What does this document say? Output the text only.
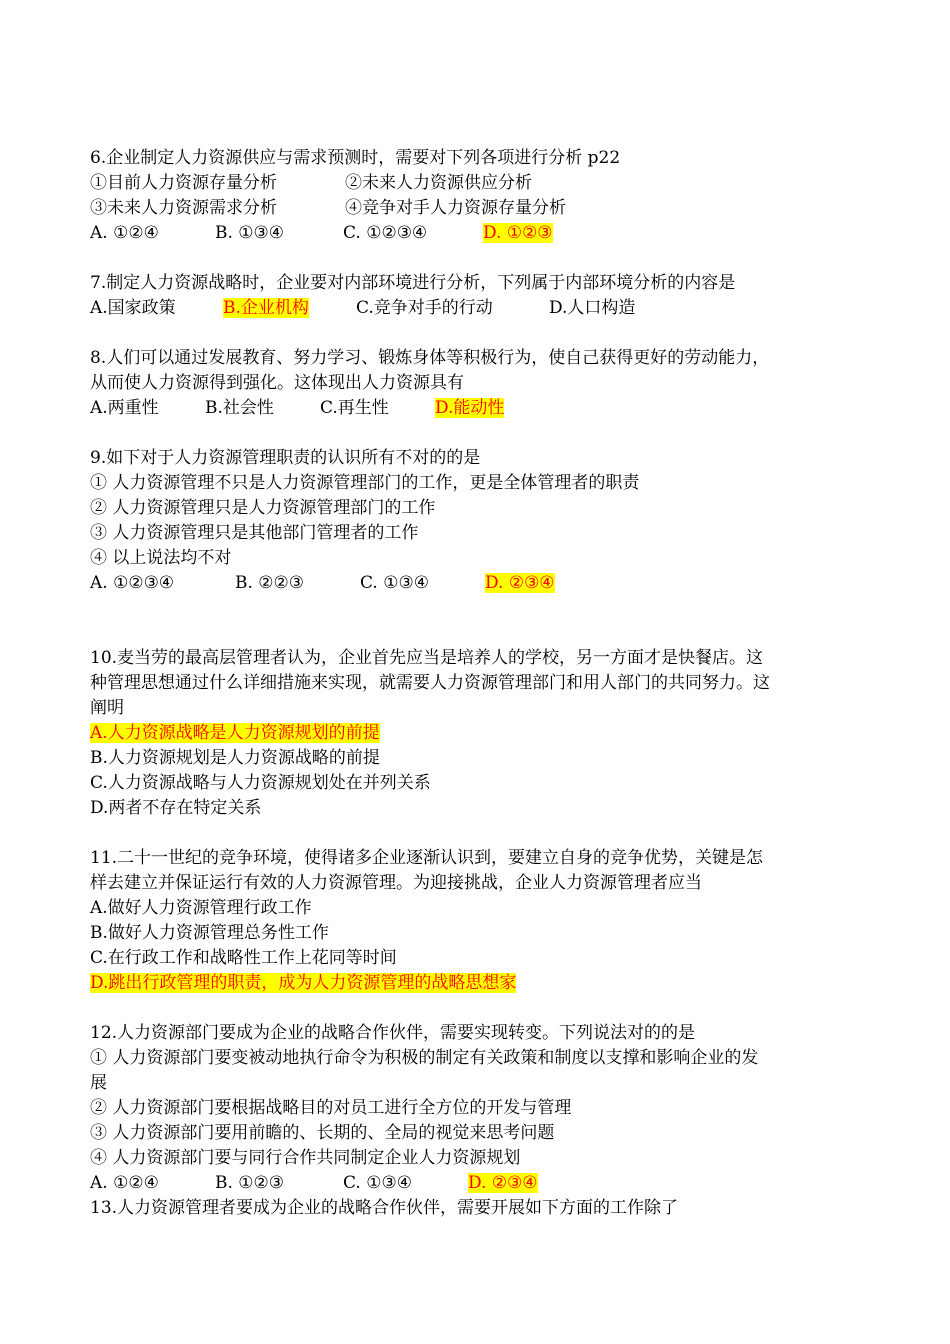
6.企业制定人力资源供应与需求预测时，需要对下列各项进行分析 p22
①目前人力资源存量分析	②未来人力资源供应分析
③未来人力资源需求分析	④竞争对手人力资源存量分析
A. ①②④	B. ①③④	C. ①②③④	D. ①②③
7.制定人力资源战略时，企业要对内部环境进行分析，下列属于内部环境分析的内容是
A.国家政策	B.企业机构	C.竞争对手的行动	D.人口构造
8.人们可以通过发展教育、努力学习、锻炼身体等积极行为，使自己获得更好的劳动能力，
从而使人力资源得到强化。这体现出人力资源具有
A.两重性	B.社会性	C.再生性	D.能动性
9.如下对于人力资源管理职责的认识所有不对的的是
① 人力资源管理不只是人力资源管理部门的工作，更是全体管理者的职责
② 人力资源管理只是人力资源管理部门的工作
③ 人力资源管理只是其他部门管理者的工作
④ 以上说法均不对
A. ①②③④	B. ②②③	C. ①③④	D. ②③④
10.麦当劳的最高层管理者认为，企业首先应当是培养人的学校，另一方面才是快餐店。这
种管理思想通过什么详细措施来实现，就需要人力资源管理部门和用人部门的共同努力。这
阐明
A.人力资源战略是人力资源规划的前提
B.人力资源规划是人力资源战略的前提
C.人力资源战略与人力资源规划处在并列关系
D.两者不存在特定关系
11.二十一世纪的竞争环境，使得诸多企业逐渐认识到，要建立自身的竞争优势，关键是怎
样去建立并保证运行有效的人力资源管理。为迎接挑战，企业人力资源管理者应当
A.做好人力资源管理行政工作
B.做好人力资源管理总务性工作
C.在行政工作和战略性工作上花同等时间
D.跳出行政管理的职责，成为人力资源管理的战略思想家
12.人力资源部门要成为企业的战略合作伙伴，需要实现转变。下列说法对的的是
① 人力资源部门要变被动地执行命令为积极的制定有关政策和制度以支撑和影响企业的发
展
② 人力资源部门要根据战略目的对员工进行全方位的开发与管理
③ 人力资源部门要用前瞻的、长期的、全局的视觉来思考问题
④ 人力资源部门要与同行合作共同制定企业人力资源规划
A. ①②④	B. ①②③	C. ①③④	D. ②③④
13.人力资源管理者要成为企业的战略合作伙伴，需要开展如下方面的工作除了
